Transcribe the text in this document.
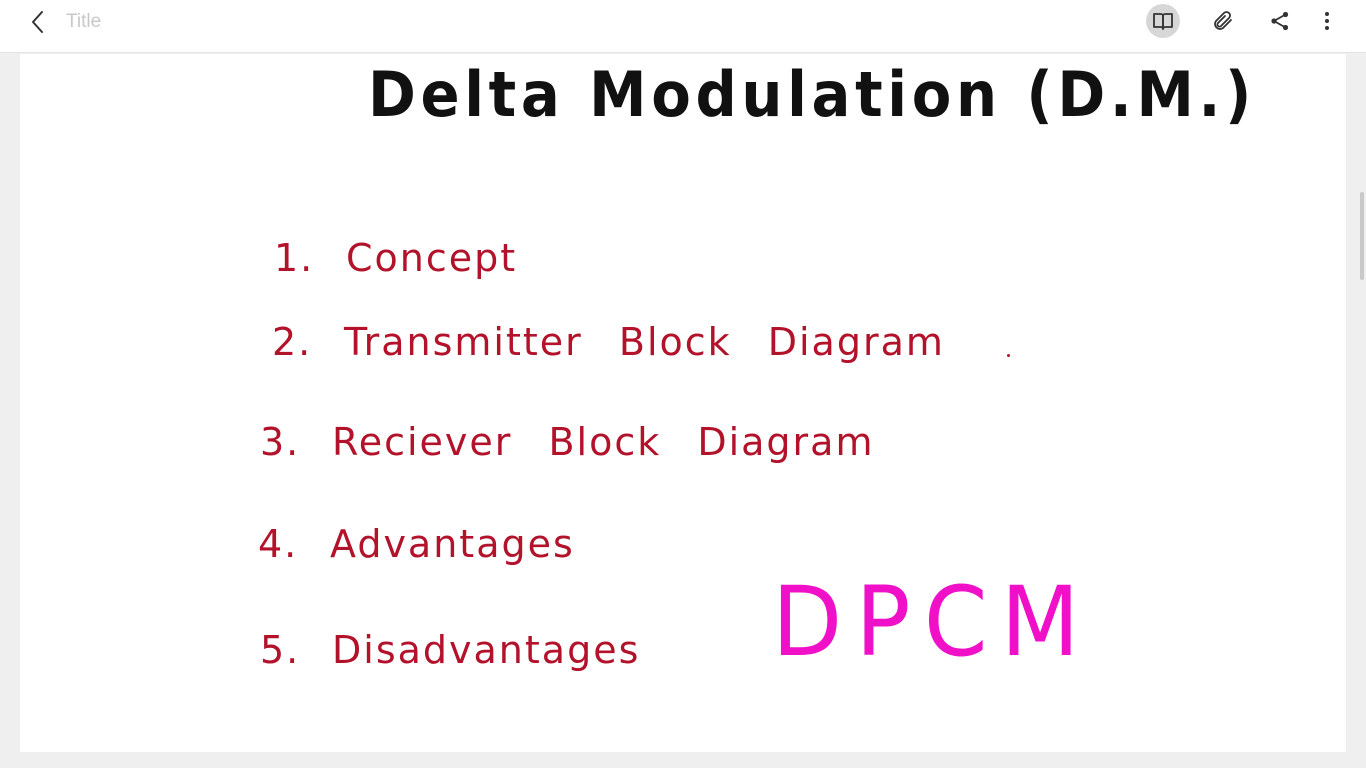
Title
Delta Modulation (D.M.)
1. Concept
2. Transmitter Block Diagram
3. Reciever Block Diagram
4. Advantages
5. Disadvantages DPCM
